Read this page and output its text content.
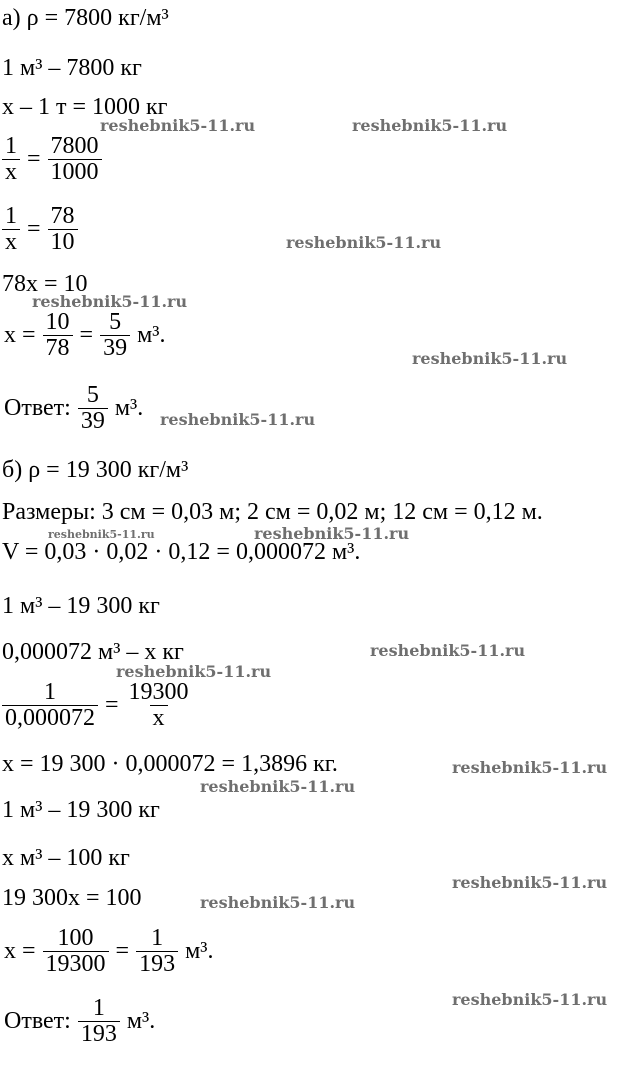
а) ρ = 7800 кг/м³
1 м³ – 7800 кг
x – 1 т = 1000 кг
$\frac{1}{x} = \frac{7800}{1000}$
$\frac{1}{x} = \frac{78}{10}$
78x = 10
$x = \frac{10}{78} = \frac{5}{39} м^3$.
Ответ: $\frac{5}{39} м^3$.
б) ρ = 19 300 кг/м³
Размеры: 3 см = 0,03 м; 2 см = 0,02 м; 12 см = 0,12 м.
V = 0,03 · 0,02 · 0,12 = 0,000072 м³.
1 м³ – 19 300 кг
0,000072 м³ – x кг
$\frac{1}{0,000072} = \frac{19300}{x}$
x = 19 300 · 0,000072 = 1,3896 кг.
1 м³ – 19 300 кг
x м³ – 100 кг
19 300x = 100
$x = \frac{100}{19300} = \frac{1}{193} м^3$.
Ответ: $\frac{1}{193} м^3$.
reshebnik5-11.ru	reshebnik5-11.ru
reshebnik5-11.ru
reshebnik5-11.ru
reshebnik5-11.ru
reshebnik5-11.ru
reshebnik5-11.ru	reshebnik5-11.ru
reshebnik5-11.ru
reshebnik5-11.ru
reshebnik5-11.ru
reshebnik5-11.ru
reshebnik5-11.ru
reshebnik5-11.ru
reshebnik5-11.ru
